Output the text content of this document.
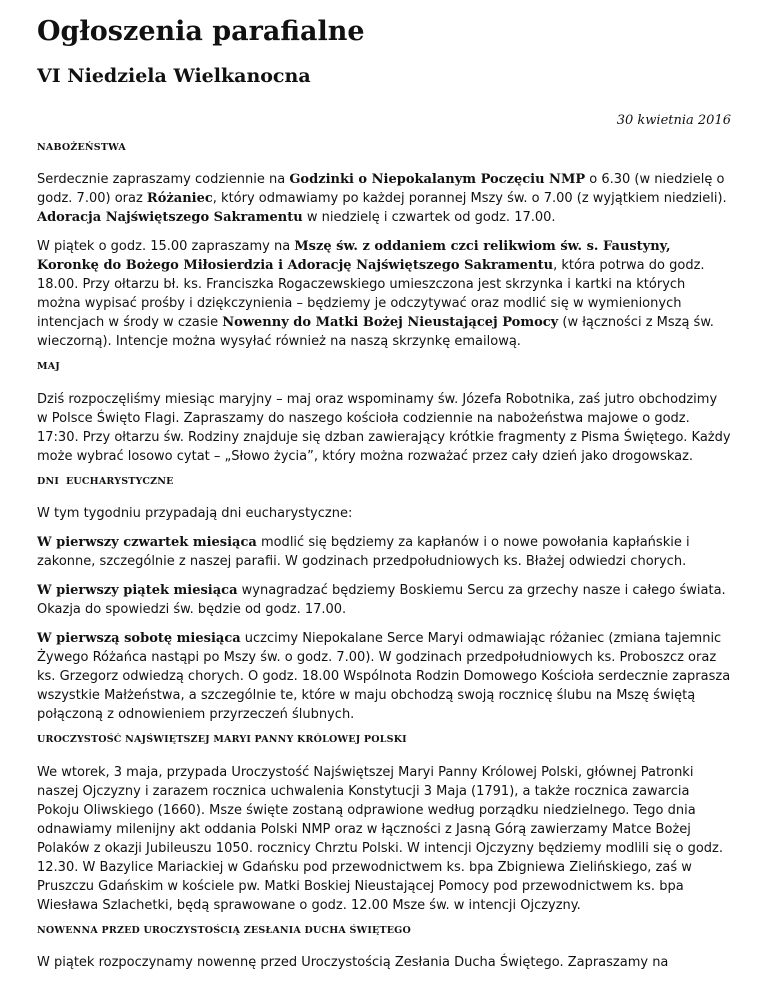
Ogłoszenia parafialne
VI Niedziela Wielkanocna
30 kwietnia 2016
NABOŻEŃSTWA

Serdecznie zapraszamy codziennie na Godzinki o Niepokalanym Poczęciu NMP o 6.30 (w niedzielę o godz. 7.00) oraz Różaniec, który odmawiamy po każdej porannej Mszy św. o 7.00 (z wyjątkiem niedzieli). Adoracja Najświętszego Sakramentu w niedzielę i czwartek od godz. 17.00.

W piątek o godz. 15.00 zapraszamy na Mszę św. z oddaniem czci relikwiom św. s. Faustyny, Koronkę do Bożego Miłosierdzia i Adorację Najświętszego Sakramentu, która potrwa do godz. 18.00. Przy ołtarzu bł. ks. Franciszka Rogaczewskiego umieszczona jest skrzynka i kartki na których można wypisać prośby i dziękczynienia – będziemy je odczytywać oraz modlić się w wymienionych intencjach w środy w czasie Nowenny do Matki Bożej Nieustającej Pomocy (w łączności z Mszą św. wieczorną). Intencje można wysyłać również na naszą skrzynkę emailową.

MAJ

Dziś rozpoczęliśmy miesiąc maryjny – maj oraz wspominamy św. Józefa Robotnika, zaś jutro obchodzimy w Polsce Święto Flagi. Zapraszamy do naszego kościoła codziennie na nabożeństwa majowe o godz. 17:30. Przy ołtarzu św. Rodziny znajduje się dzban zawierający krótkie fragmenty z Pisma Świętego. Każdy może wybrać losowo cytat – „Słowo życia”, który można rozważać przez cały dzień jako drogowskaz.

DNI  EUCHARYSTYCZNE

W tym tygodniu przypadają dni eucharystyczne:

W pierwszy czwartek miesiąca modlić się będziemy za kapłanów i o nowe powołania kapłańskie i zakonne, szczególnie z naszej parafii. W godzinach przedpołudniowych ks. Błażej odwiedzi chorych.

W pierwszy piątek miesiąca wynagradzać będziemy Boskiemu Sercu za grzechy nasze i całego świata. Okazja do spowiedzi św. będzie od godz. 17.00.

W pierwszą sobotę miesiąca uczcimy Niepokalane Serce Maryi odmawiając różaniec (zmiana tajemnic Żywego Różańca nastąpi po Mszy św. o godz. 7.00). W godzinach przedpołudniowych ks. Proboszcz oraz ks. Grzegorz odwiedzą chorych. O godz. 18.00 Wspólnota Rodzin Domowego Kościoła serdecznie zaprasza wszystkie Małżeństwa, a szczególnie te, które w maju obchodzą swoją rocznicę ślubu na Mszę świętą połączoną z odnowieniem przyrzeczeń ślubnych.

UROCZYSTOŚĆ NAJŚWIĘTSZEJ MARYI PANNY KRÓLOWEJ POLSKI

We wtorek, 3 maja, przypada Uroczystość Najświętszej Maryi Panny Królowej Polski, głównej Patronki naszej Ojczyzny i zarazem rocznica uchwalenia Konstytucji 3 Maja (1791), a także rocznica zawarcia Pokoju Oliwskiego (1660). Msze święte zostaną odprawione według porządku niedzielnego. Tego dnia odnawiamy milenijny akt oddania Polski NMP oraz w łączności z Jasną Górą zawierzamy Matce Bożej Polaków z okazji Jubileuszu 1050. rocznicy Chrztu Polski. W intencji Ojczyzny będziemy modlili się o godz. 12.30. W Bazylice Mariackiej w Gdańsku pod przewodnictwem ks. bpa Zbigniewa Zielińskiego, zaś w Pruszczu Gdańskim w kościele pw. Matki Boskiej Nieustającej Pomocy pod przewodnictwem ks. bpa Wiesława Szlachetki, będą sprawowane o godz. 12.00 Msze św. w intencji Ojczyzny.

NOWENNA PRZED UROCZYSTOŚCIĄ ZESŁANIA DUCHA ŚWIĘTEGO

W piątek rozpoczynamy nowennę przed Uroczystością Zesłania Ducha Świętego. Zapraszamy na
